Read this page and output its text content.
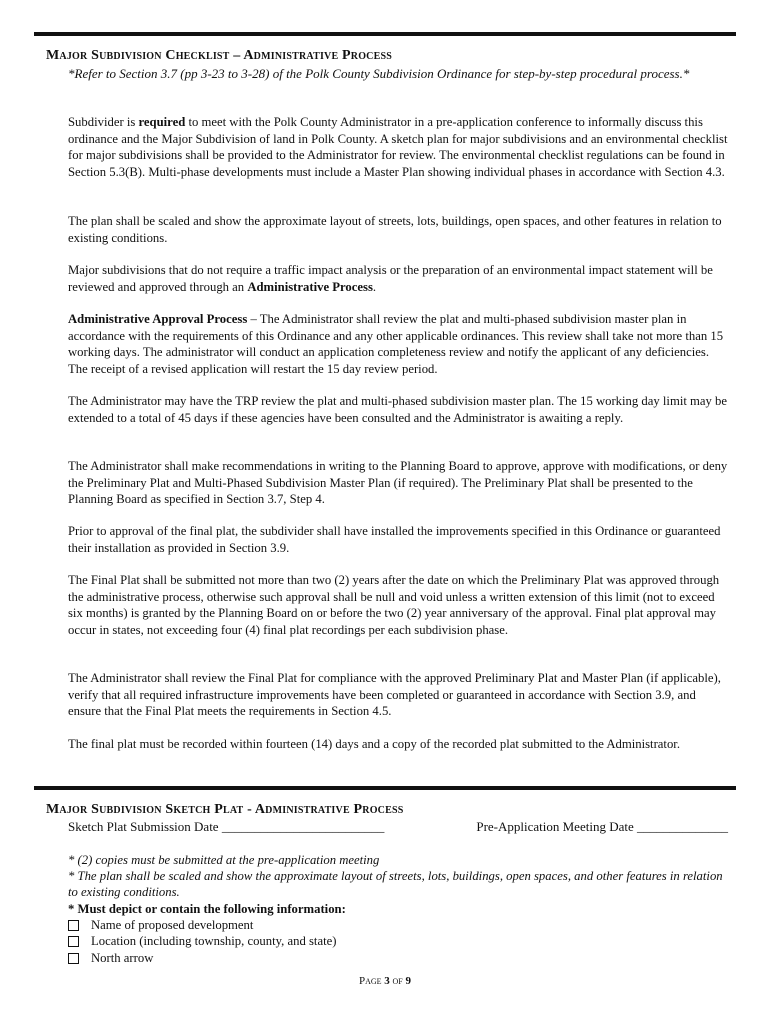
Major Subdivision Checklist – Administrative Process

*Refer to Section 3.7 (pp 3-23 to 3-28) of the Polk County Subdivision Ordinance for step-by-step procedural process.*

Subdivider is required to meet with the Polk County Administrator in a pre-application conference to informally discuss this ordinance and the Major Subdivision of land in Polk County. A sketch plan for major subdivisions and an environmental checklist for major subdivisions shall be provided to the Administrator for review. The environmental checklist regulations can be found in Section 5.3(B). Multi-phase developments must include a Master Plan showing individual phases in accordance with Section 4.3.

The plan shall be scaled and show the approximate layout of streets, lots, buildings, open spaces, and other features in relation to existing conditions.

Major subdivisions that do not require a traffic impact analysis or the preparation of an environmental impact statement will be reviewed and approved through an Administrative Process.

Administrative Approval Process – The Administrator shall review the plat and multi-phased subdivision master plan in accordance with the requirements of this Ordinance and any other applicable ordinances. This review shall take not more than 15 working days. The administrator will conduct an application completeness review and notify the applicant of any deficiencies. The receipt of a revised application will restart the 15 day review period.

The Administrator may have the TRP review the plat and multi-phased subdivision master plan. The 15 working day limit may be extended to a total of 45 days if these agencies have been consulted and the Administrator is awaiting a reply.

The Administrator shall make recommendations in writing to the Planning Board to approve, approve with modifications, or deny the Preliminary Plat and Multi-Phased Subdivision Master Plan (if required). The Preliminary Plat shall be presented to the Planning Board as specified in Section 3.7, Step 4.

Prior to approval of the final plat, the subdivider shall have installed the improvements specified in this Ordinance or guaranteed their installation as provided in Section 3.9.

The Final Plat shall be submitted not more than two (2) years after the date on which the Preliminary Plat was approved through the administrative process, otherwise such approval shall be null and void unless a written extension of this limit (not to exceed six months) is granted by the Planning Board on or before the two (2) year anniversary of the approval. Final plat approval may occur in states, not exceeding four (4) final plat recordings per each subdivision phase.

The Administrator shall review the Final Plat for compliance with the approved Preliminary Plat and Master Plan (if applicable), verify that all required infrastructure improvements have been completed or guaranteed in accordance with Section 3.9, and ensure that the Final Plat meets the requirements in Section 4.5.

The final plat must be recorded within fourteen (14) days and a copy of the recorded plat submitted to the Administrator.

Major Subdivision Sketch Plat - Administrative Process
Sketch Plat Submission Date _________________________	Pre-Application Meeting Date ______________
* (2) copies must be submitted at the pre-application meeting
* The plan shall be scaled and show the approximate layout of streets, lots, buildings, open spaces, and other features in relation to existing conditions.
* Must depict or contain the following information:
Name of proposed development
Location (including township, county, and state)
North arrow
Page 3 of 9
